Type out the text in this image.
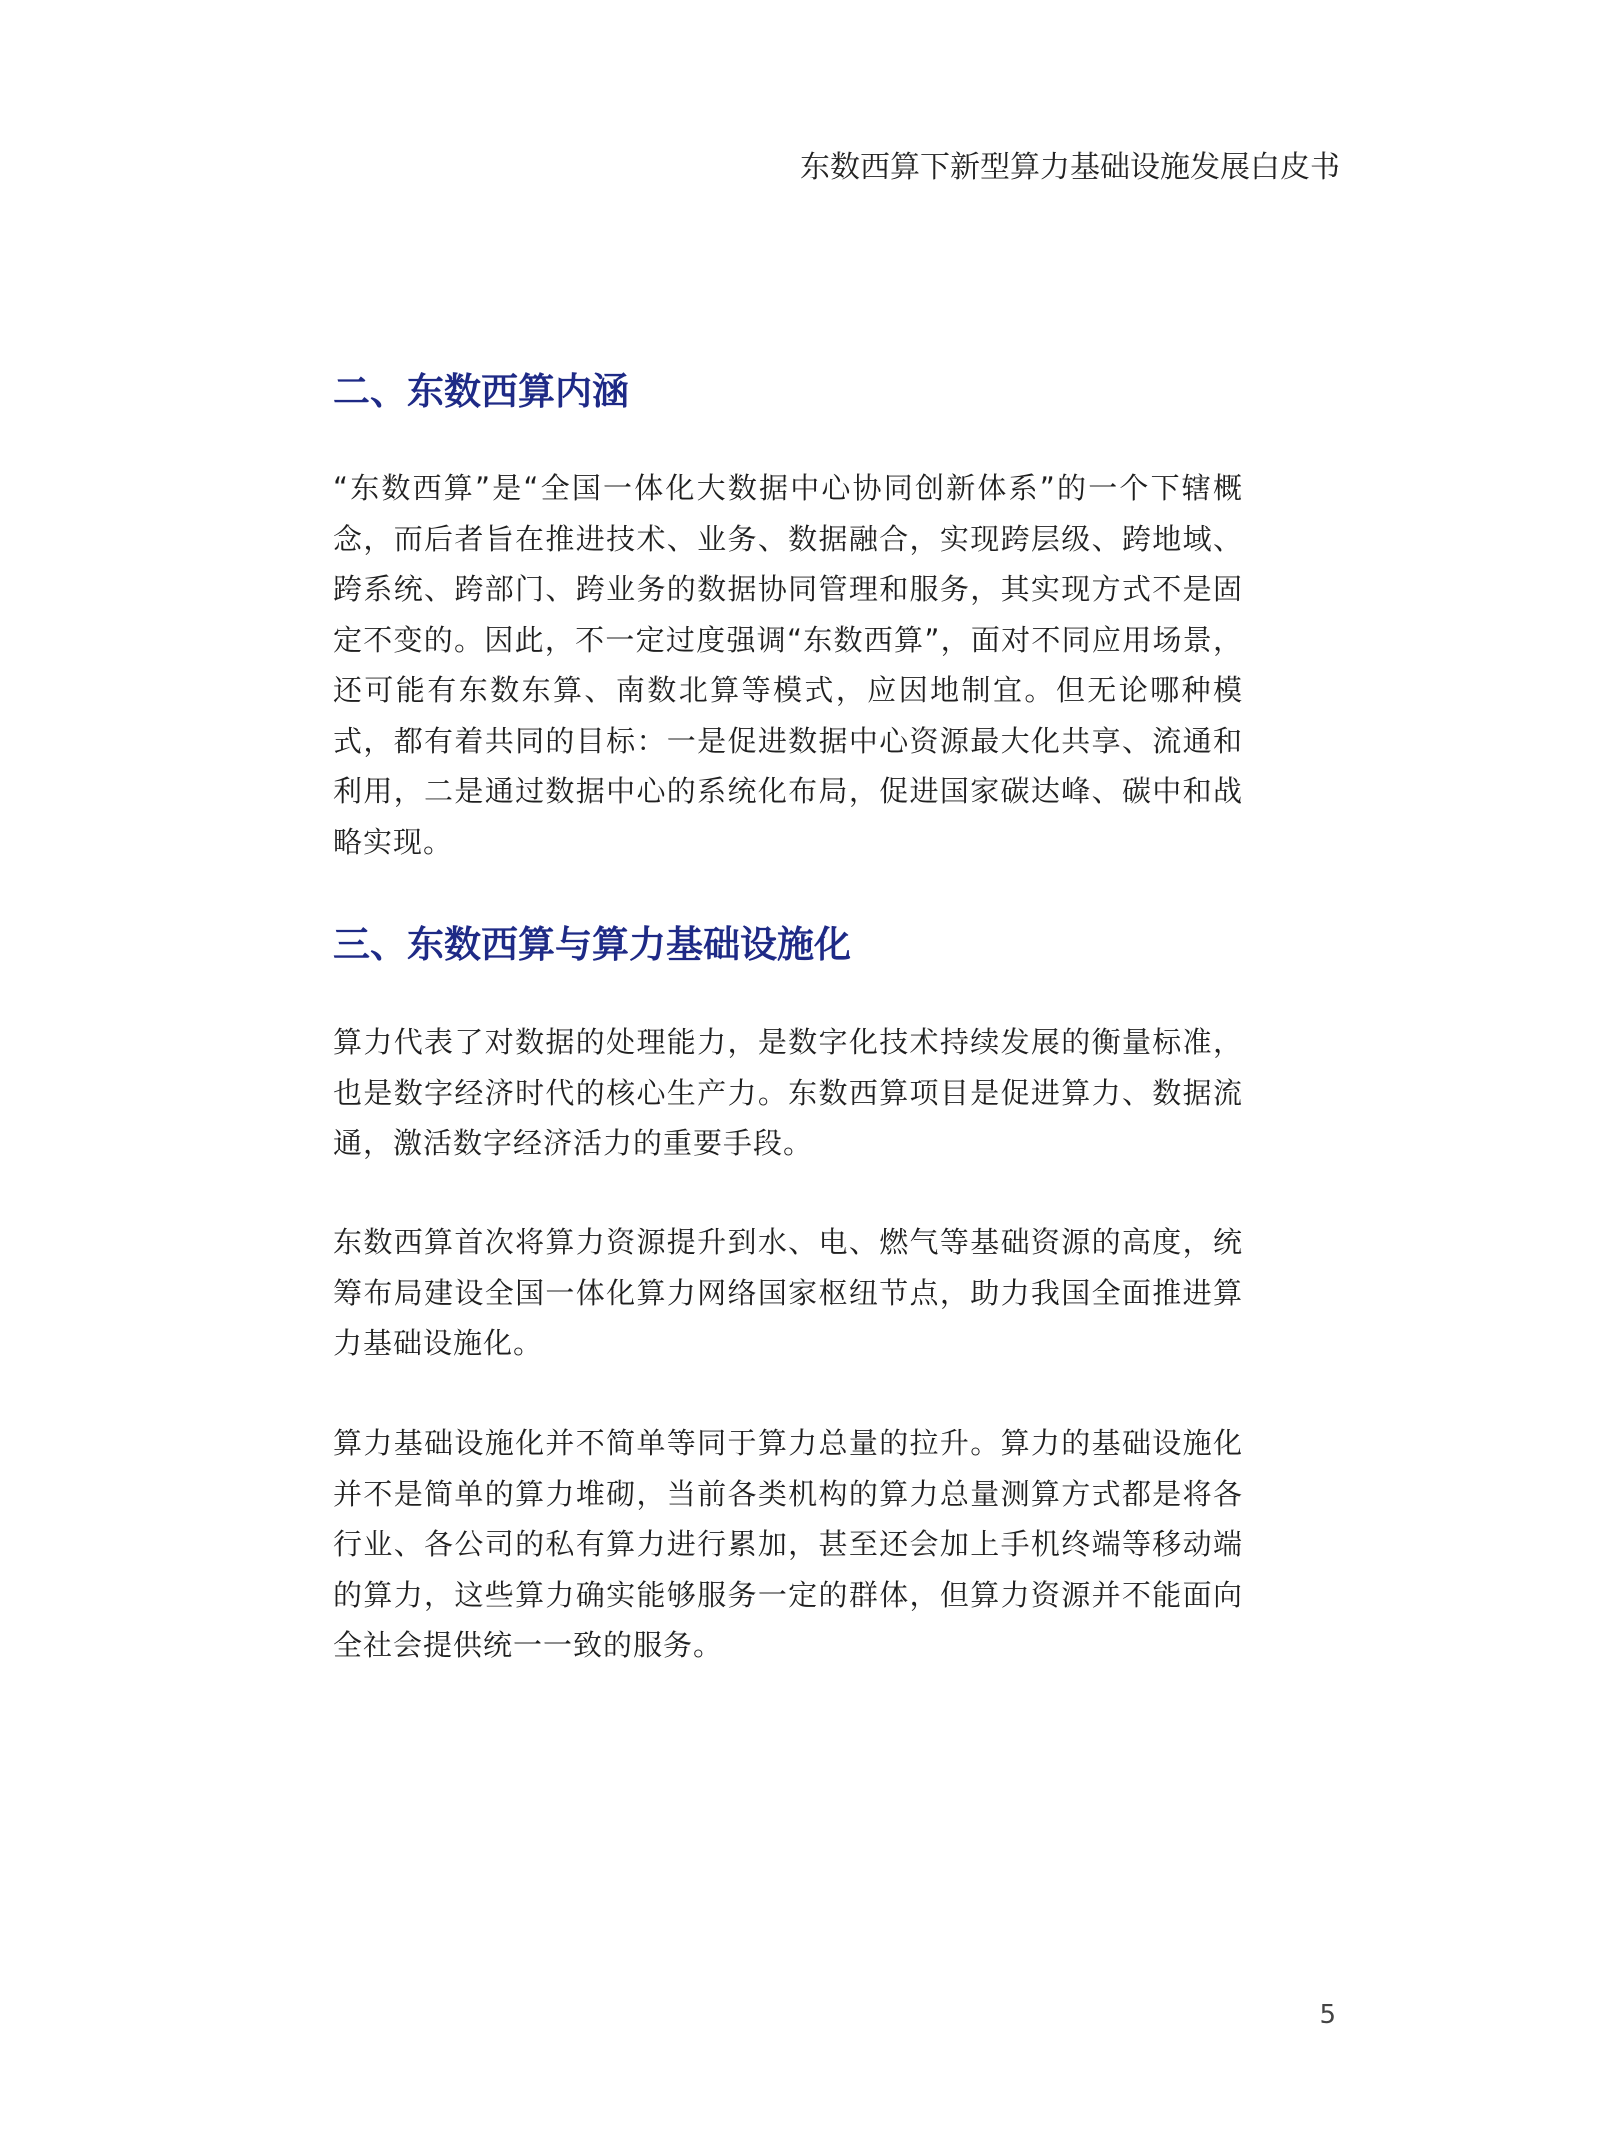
东数西算下新型算力基础设施发展白皮书
二、东数西算内涵

“东数西算”是“全国一体化大数据中心协同创新体系”的一个下辖概念，而后者旨在推进技术、业务、数据融合，实现跨层级、跨地域、跨系统、跨部门、跨业务的数据协同管理和服务，其实现方式不是固定不变的。因此，不一定过度强调“东数西算”，面对不同应用场景，还可能有东数东算、南数北算等模式，应因地制宜。但无论哪种模式，都有着共同的目标：一是促进数据中心资源最大化共享、流通和利用，二是通过数据中心的系统化布局，促进国家碳达峰、碳中和战略实现。

三、东数西算与算力基础设施化

算力代表了对数据的处理能力，是数字化技术持续发展的衡量标准，也是数字经济时代的核心生产力。东数西算项目是促进算力、数据流通，激活数字经济活力的重要手段。

东数西算首次将算力资源提升到水、电、燃气等基础资源的高度，统筹布局建设全国一体化算力网络国家枢纽节点，助力我国全面推进算力基础设施化。

算力基础设施化并不简单等同于算力总量的拉升。算力的基础设施化并不是简单的算力堆砌，当前各类机构的算力总量测算方式都是将各行业、各公司的私有算力进行累加，甚至还会加上手机终端等移动端的算力，这些算力确实能够服务一定的群体，但算力资源并不能面向全社会提供统一一致的服务。

5
